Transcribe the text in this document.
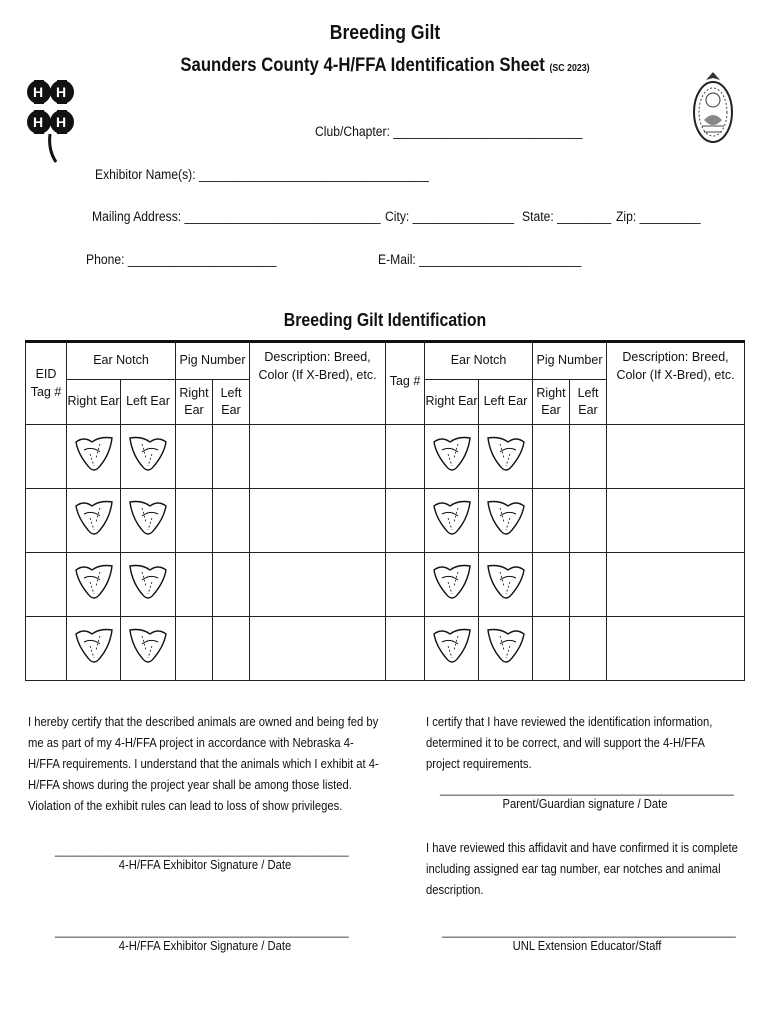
H H
H H
Breeding Gilt
Saunders County 4-H/FFA Identification Sheet (SC 2023)
Club/Chapter: ____________________________
Exhibitor Name(s): __________________________________
Mailing Address: _____________________________ City: _______________ State: ________ Zip: _________
Phone: ______________________	E-Mail: ________________________
Breeding Gilt Identification
EID Tag #	Ear Notch		Pig Number		Description: Breed, Color (If X-Bred), etc.	Tag #	Ear Notch		Pig Number		Description: Breed, Color (If X-Bred), etc.
	Right Ear	Left Ear	Right Ear	Left Ear			Right Ear	Left Ear	Right Ear	Left Ear	

I hereby certify that the described animals are owned and being fed by me as part of my 4-H/FFA project in accordance with Nebraska 4-H/FFA requirements. I understand that the animals which I exhibit at 4-H/FFA shows during the project year shall be among those listed. Violation of the exhibit rules can lead to loss of show privileges.
I certify that I have reviewed the identification information, determined it to be correct, and will support the 4-H/FFA project requirements.
____________________________________________
Parent/Guardian signature / Date
I have reviewed this affidavit and have confirmed it is complete including assigned ear tag number, ear notches and animal description.
____________________________________________
4-H/FFA Exhibitor Signature / Date
____________________________________________
4-H/FFA Exhibitor Signature / Date
____________________________________________
UNL Extension Educator/Staff
